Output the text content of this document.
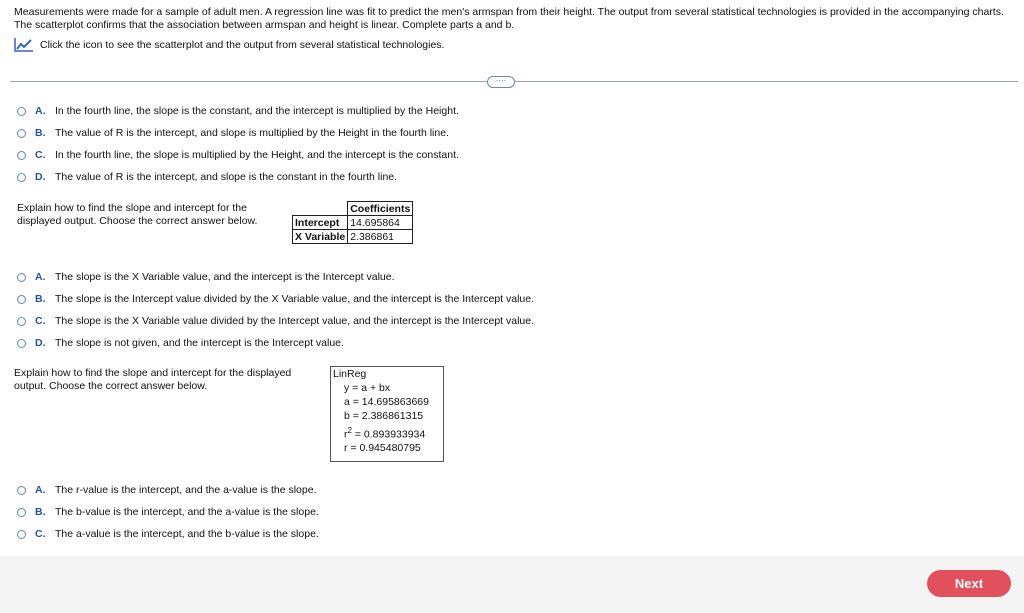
Measurements were made for a sample of adult men. A regression line was fit to predict the men's armspan from their height. The output from several statistical technologies is provided in the accompanying charts. The scatterplot confirms that the association between armspan and height is linear. Complete parts a and b.
Click the icon to see the scatterplot and the output from several statistical technologies.
····
A. In the fourth line, the slope is the constant, and the intercept is multiplied by the Height.
B. The value of R is the intercept, and slope is multiplied by the Height in the fourth line.
C. In the fourth line, the slope is multiplied by the Height, and the intercept is the constant.
D. The value of R is the intercept, and slope is the constant in the fourth line.
Explain how to find the slope and intercept for the
displayed output. Choose the correct answer below.
	Coefficients
Intercept	14.695864
X Variable	2.386861
A. The slope is the X Variable value, and the intercept is the Intercept value.
B. The slope is the Intercept value divided by the X Variable value, and the intercept is the Intercept value.
C. The slope is the X Variable value divided by the Intercept value, and the intercept is the Intercept value.
D. The slope is not given, and the intercept is the Intercept value.
Explain how to find the slope and intercept for the displayed
output. Choose the correct answer below.
LinReg
y = a + bx
a = 14.695863669
b = 2.386861315
$r^2 = 0.893933934$
r = 0.945480795
A. The r-value is the intercept, and the a-value is the slope.
B. The b-value is the intercept, and the a-value is the slope.
C. The a-value is the intercept, and the b-value is the slope.
Next
